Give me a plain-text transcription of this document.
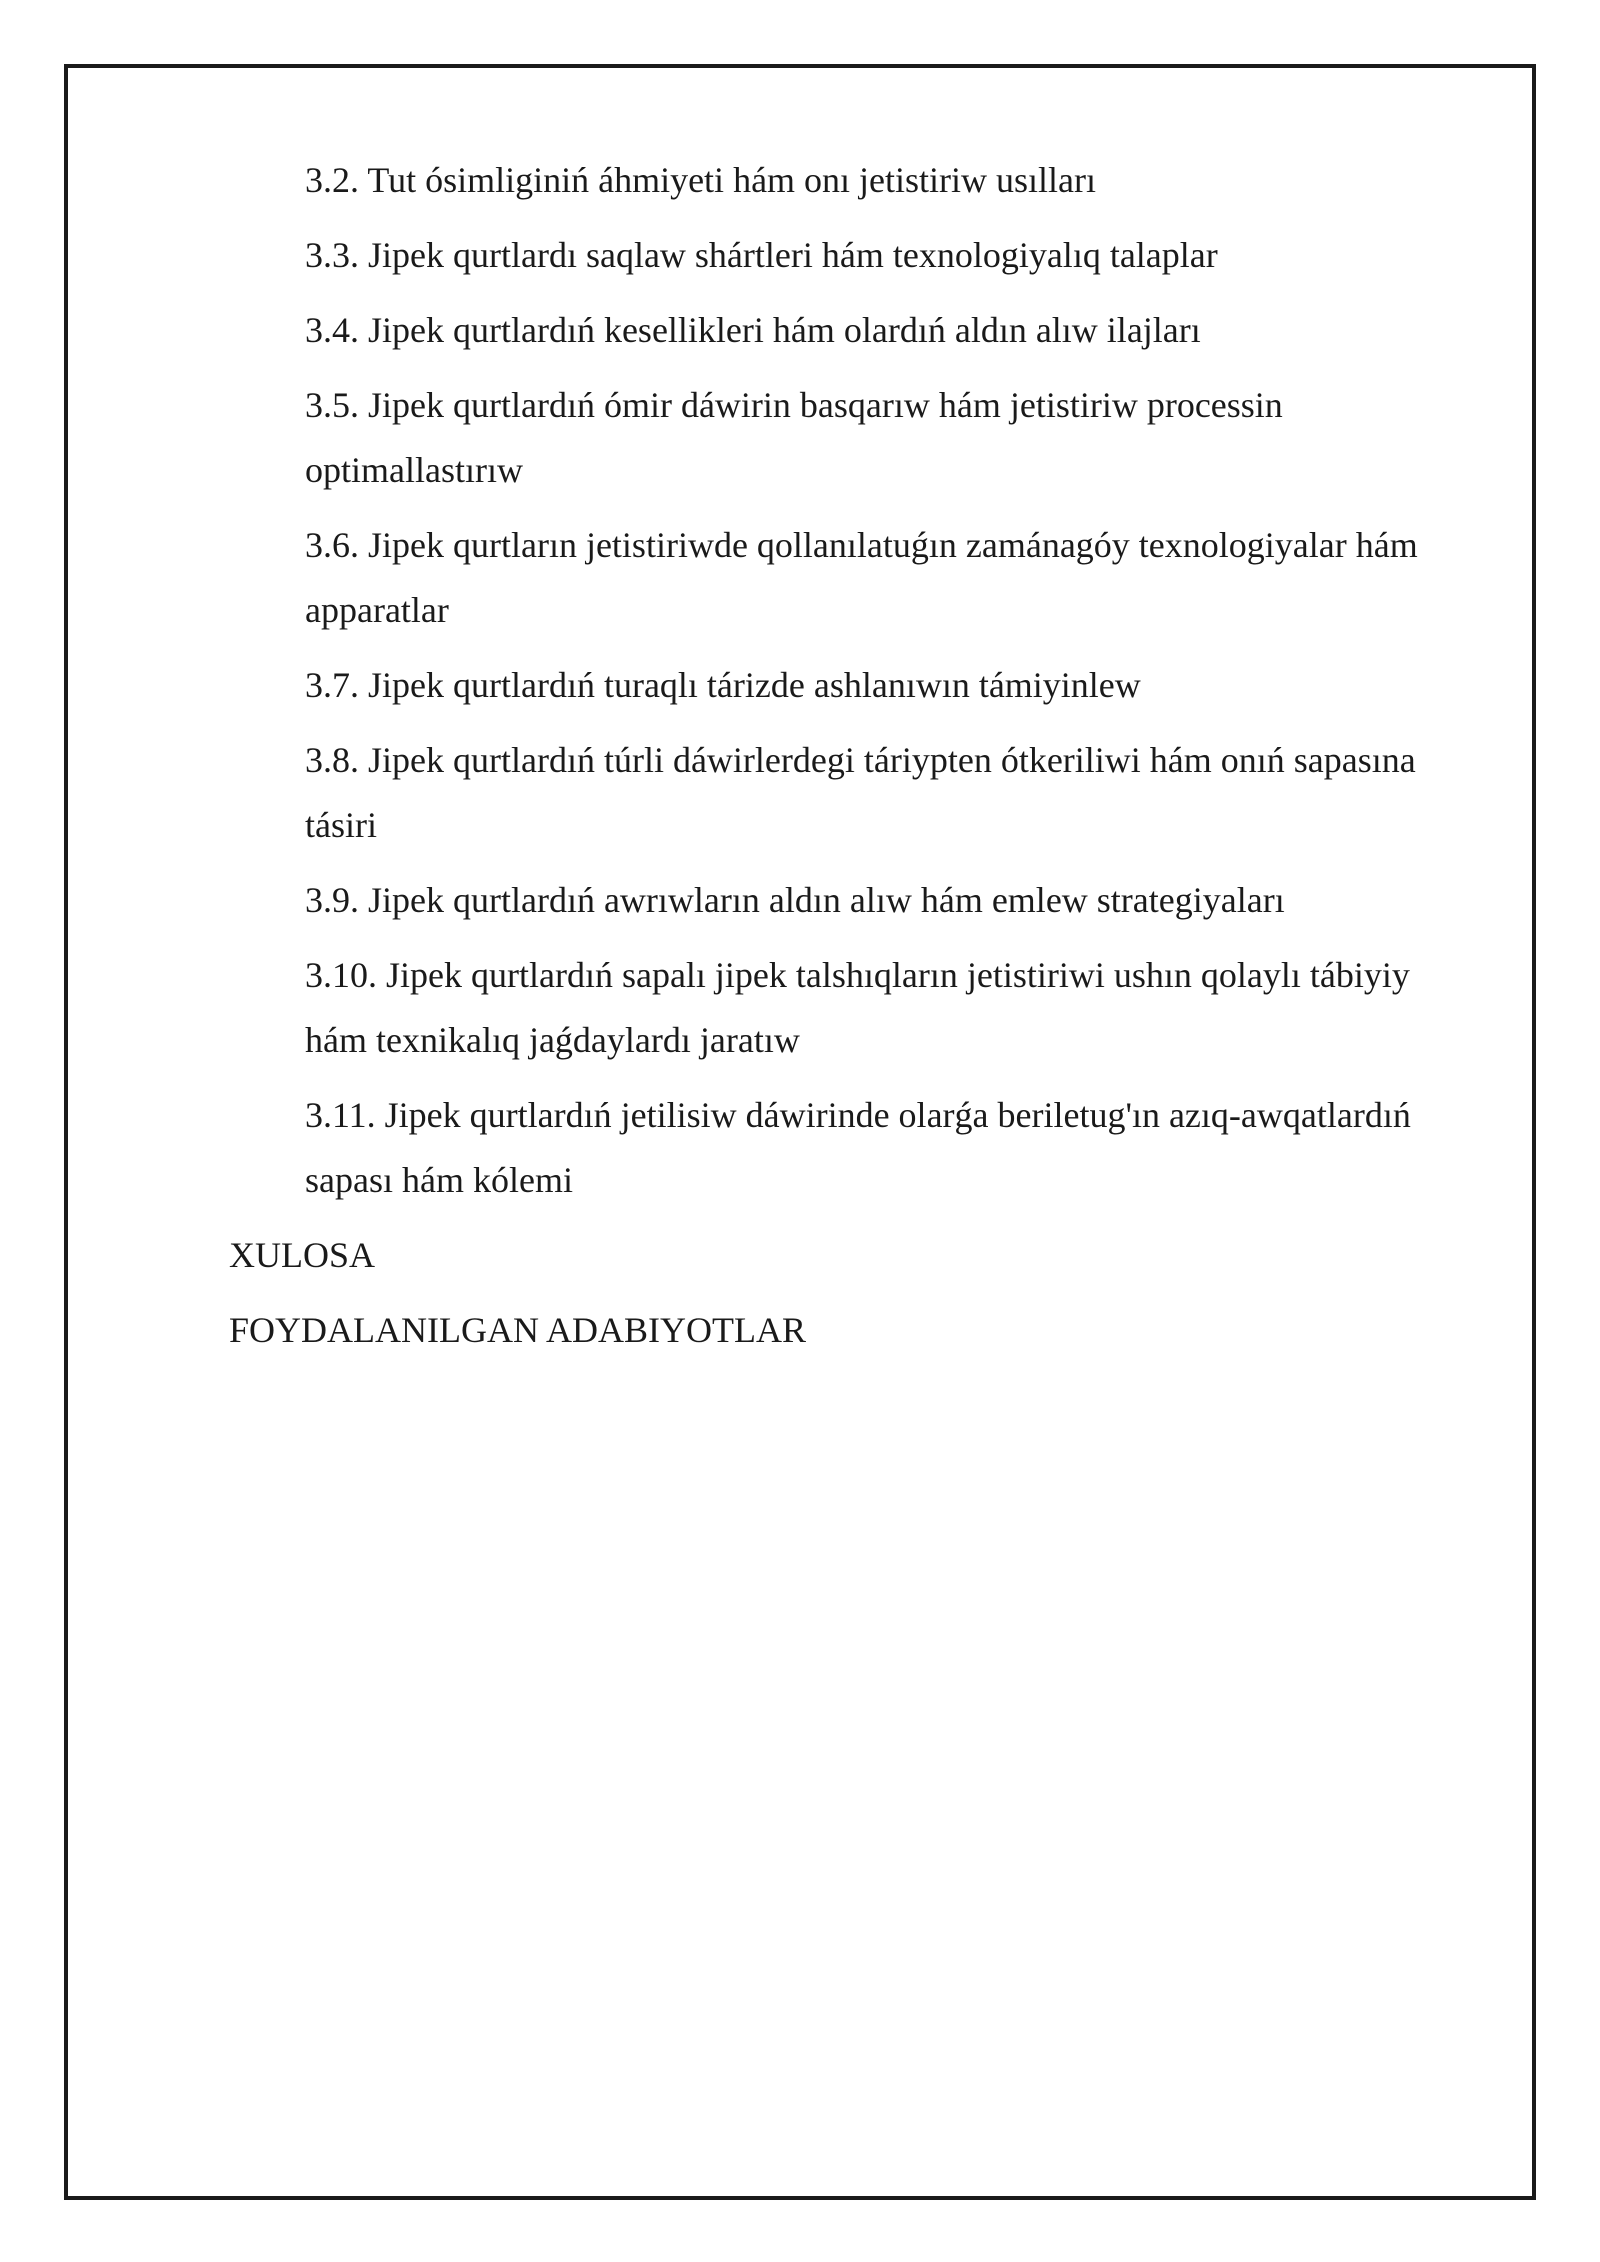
3.2. Tut ósimliginiń áhmiyeti hám onı jetistiriw usılları
3.3. Jipek qurtlardı saqlaw shártleri hám texnologiyalıq talaplar
3.4. Jipek qurtlardıń kesellikleri hám olardıń aldın alıw ilajları
3.5. Jipek qurtlardıń ómir dáwirin basqarıw hám jetistiriw processin optimallastırıw
3.6. Jipek qurtların jetistiriwde qollanılatuǵın zamánagóy texnologiyalar hám apparatlar
3.7. Jipek qurtlardıń turaqlı tárizde ashlanıwın támiyinlew
3.8. Jipek qurtlardıń túrli dáwirlerdegi táriypten ótkeriliwi hám onıń sapasına tásiri
3.9. Jipek qurtlardıń awrıwların aldın alıw hám emlew strategiyaları
3.10. Jipek qurtlardıń sapalı jipek talshıqların jetistiriwi ushın qolaylı tábiyiy hám texnikalıq jaǵdaylardı jaratıw
3.11. Jipek qurtlardıń jetilisiw dáwirinde olarǵa beriletug'ın azıq-awqatlardıń sapası hám kólemi
XULOSA
FOYDALANILGAN ADABIYOTLAR
